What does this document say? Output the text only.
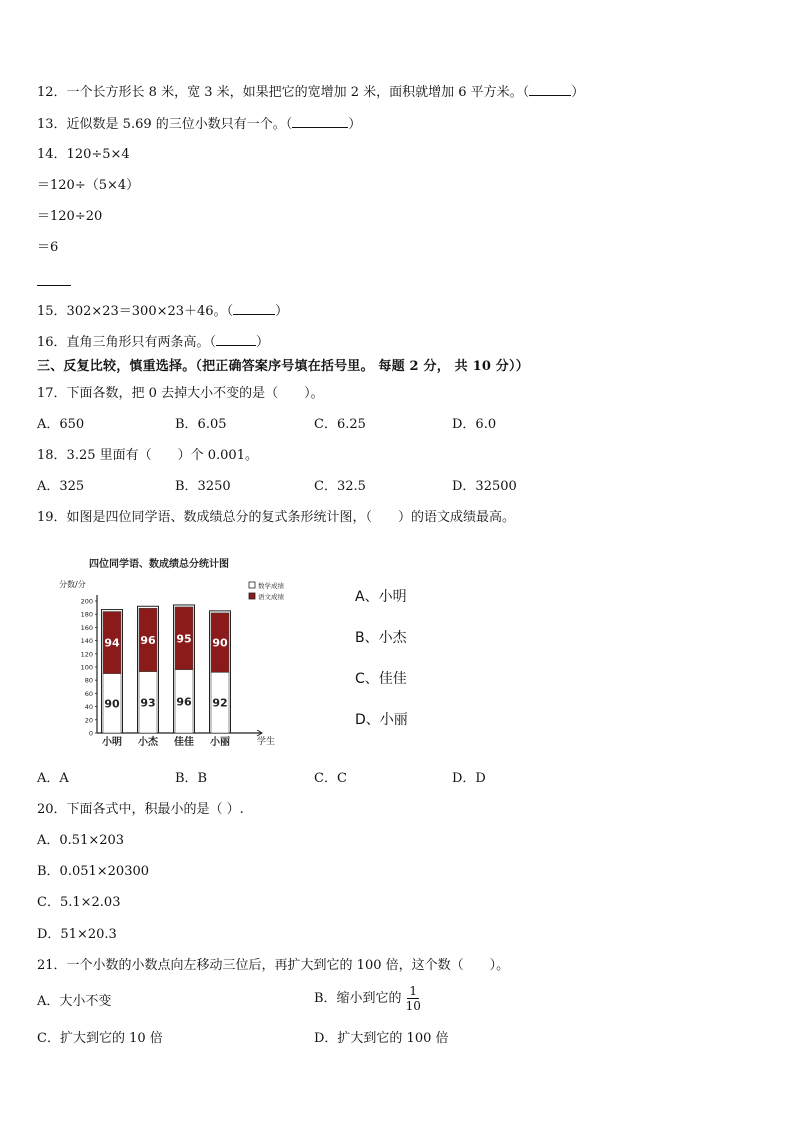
12．一个长方形长 8 米，宽 3 米，如果把它的宽增加 2 米，面积就增加 6 平方米。（	）
13．近似数是 5.69 的三位小数只有一个。（	）
14．120÷5×4
＝120÷（5×4）
＝120÷20
＝6
15．302×23＝300×23＋46。（	）
16．直角三角形只有两条高。（	）
三、反复比较，慎重选择。（把正确答案序号填在括号里。 每题 2 分， 共 10 分））
17．下面各数，把 0 去掉大小不变的是（　　）。
A．650	B．6.05	C．6.25	D．6.0
18．3.25 里面有（　　）个 0.001。
A．325	B．3250	C．32.5	D．32500
19．如图是四位同学语、数成绩总分的复式条形统计图，（　　）的语文成绩最高。
四位同学语、数成绩总分统计图
分数/分
学生
0
20
40
60
80
100
120
140
160
180
200
90
94
小明
93
96
小杰
96
95
佳佳
92
90
小丽
数学成绩
语文成绩	A、小明
B、小杰
C、佳佳
D、小丽
A．A	B．B	C．C	D．D
20．下面各式中，积最小的是（ ）.
A．0.51×203
B．0.051×20300
C．5.1×2.03
D．51×20.3
21．一个小数的小数点向左移动三位后，再扩大到它的 100 倍，这个数（　　）。
A．大小不变	B．缩小到它的 $\frac{1}{10}$
C．扩大到它的 10 倍	D．扩大到它的 100 倍
